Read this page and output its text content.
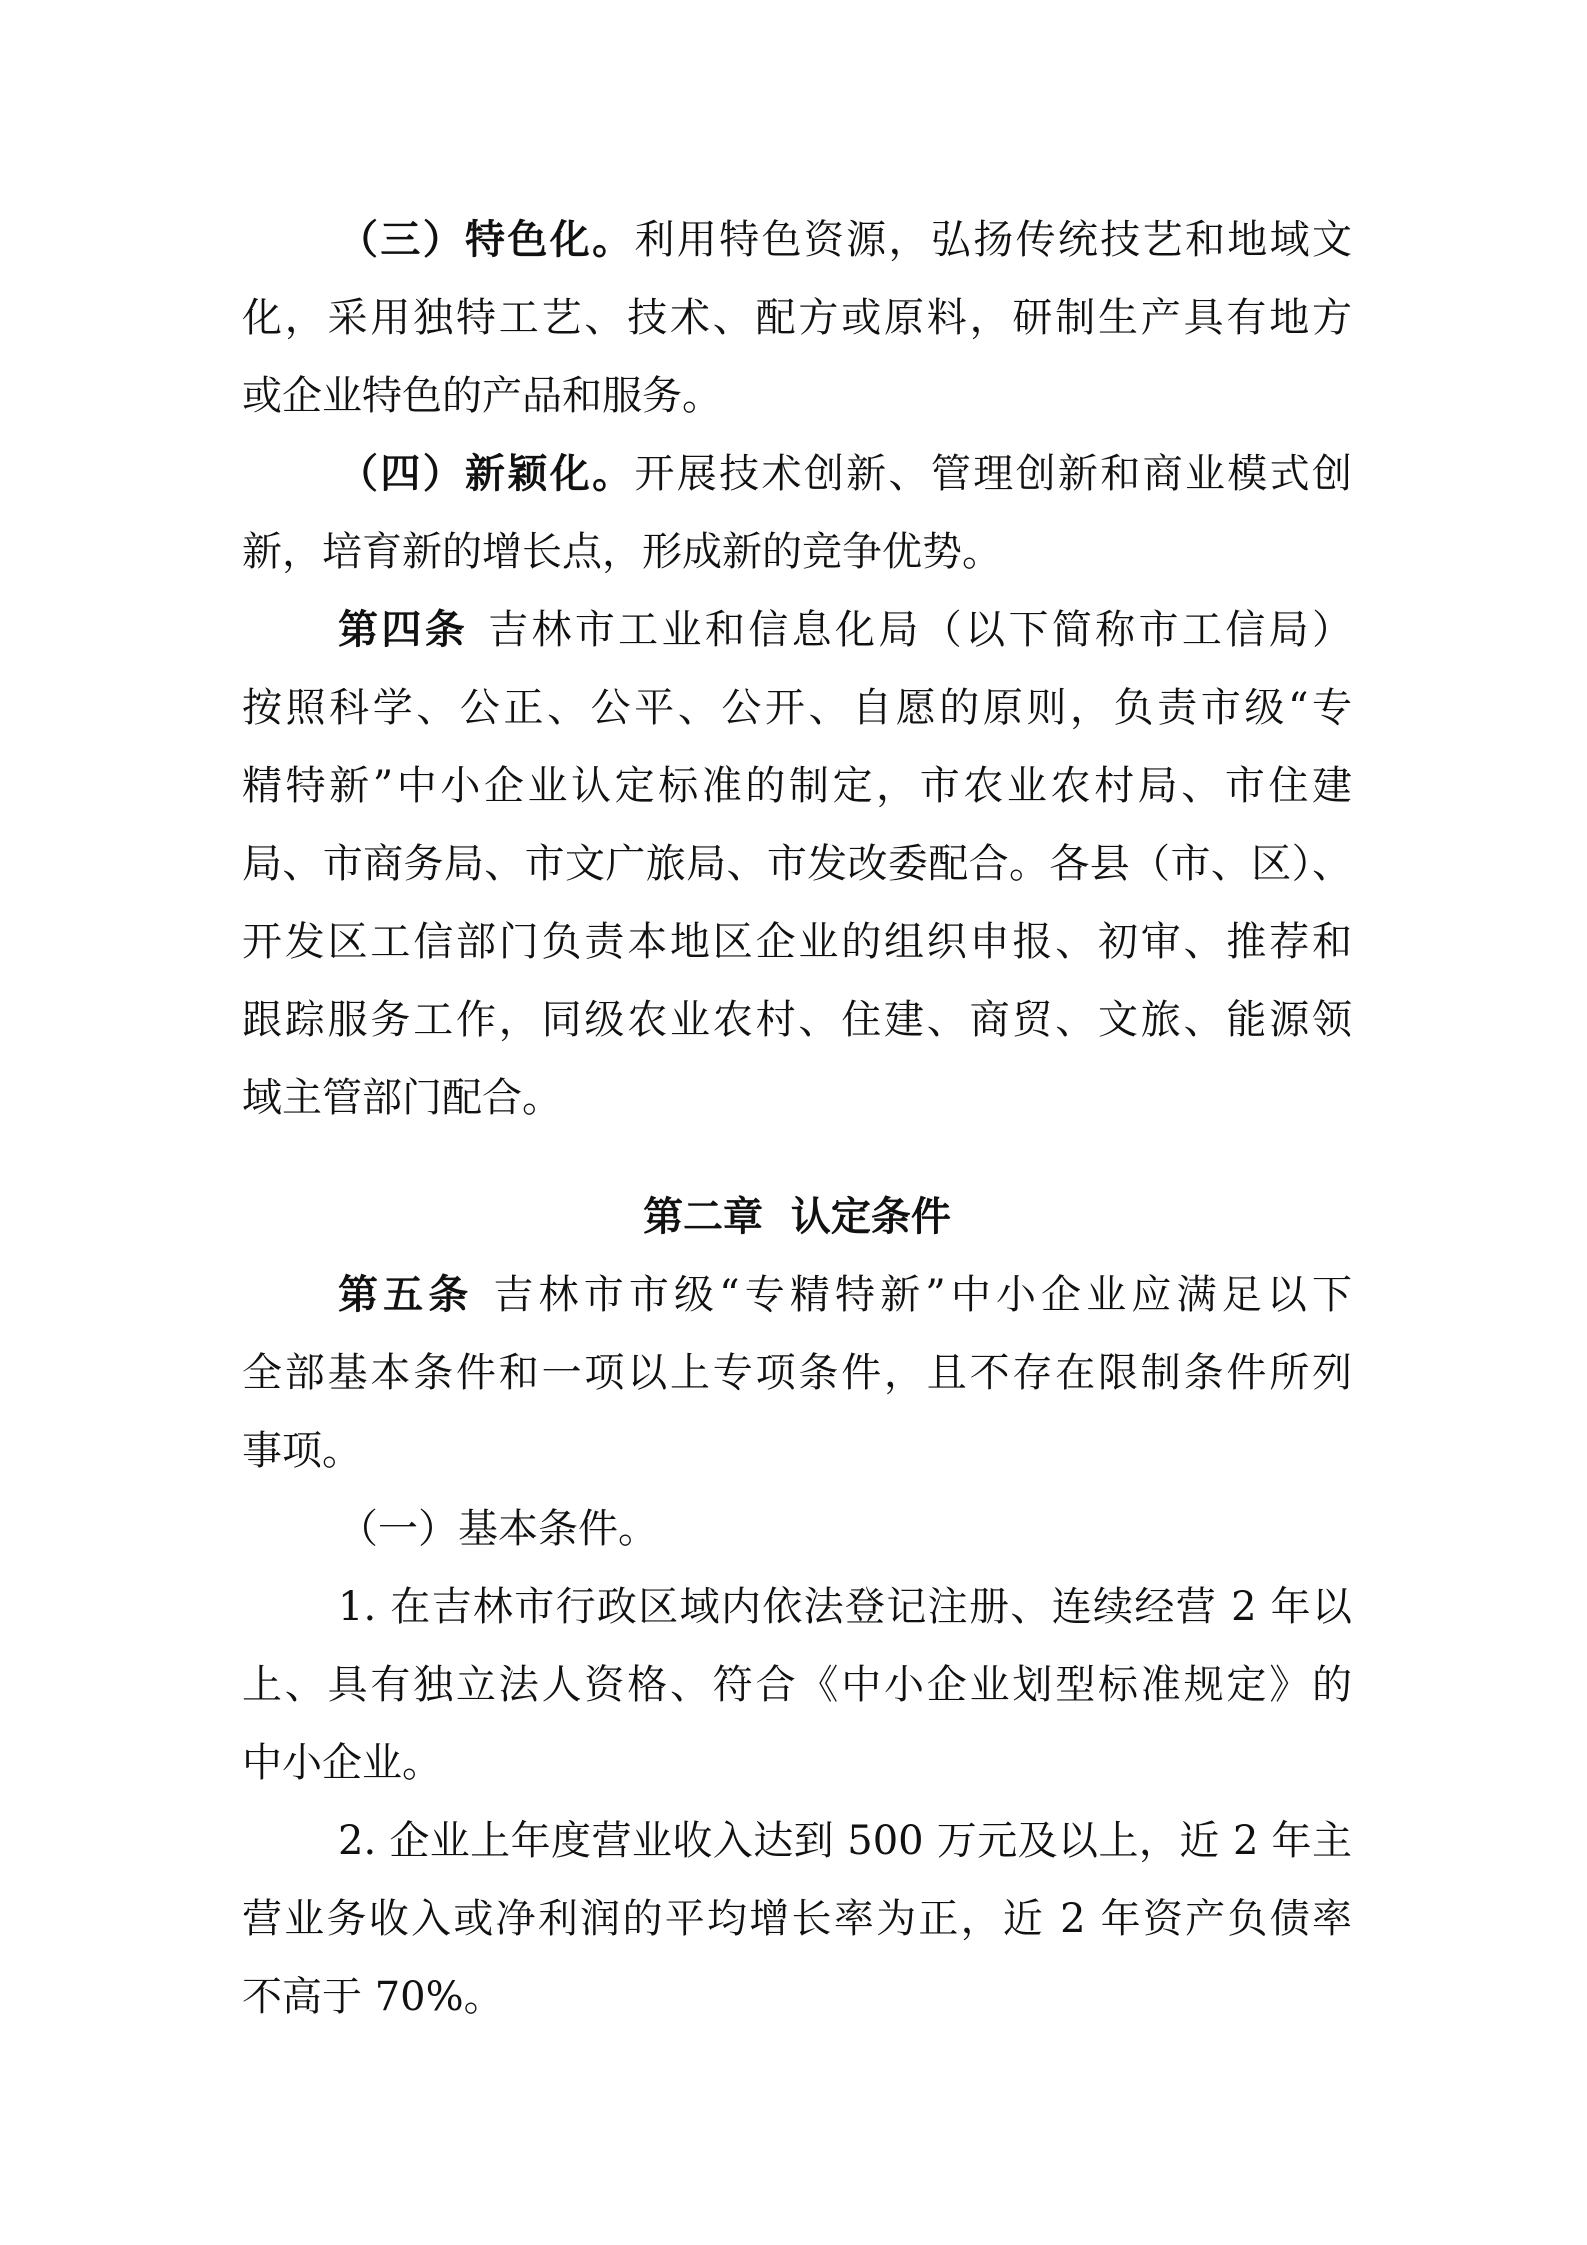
（三）特色化。利用特色资源，弘扬传统技艺和地域文
化，采用独特工艺、技术、配方或原料，研制生产具有地方
或企业特色的产品和服务。
（四）新颖化。开展技术创新、管理创新和商业模式创
新，培育新的增长点，形成新的竞争优势。
第四条 吉林市工业和信息化局（以下简称市工信局）
按照科学、公正、公平、公开、自愿的原则，负责市级“专
精特新”中小企业认定标准的制定，市农业农村局、市住建
局、市商务局、市文广旅局、市发改委配合。各县（市、区）、
开发区工信部门负责本地区企业的组织申报、初审、推荐和
跟踪服务工作，同级农业农村、住建、商贸、文旅、能源领
域主管部门配合。
第二章  认定条件
第五条 吉林市市级“专精特新”中小企业应满足以下
全部基本条件和一项以上专项条件，且不存在限制条件所列
事项。
（一）基本条件。
1. 在吉林市行政区域内依法登记注册、连续经营 2 年以
上、具有独立法人资格、符合《中小企业划型标准规定》的
中小企业。
2. 企业上年度营业收入达到 500 万元及以上，近 2 年主
营业务收入或净利润的平均增长率为正，近 2 年资产负债率
不高于 70%。
